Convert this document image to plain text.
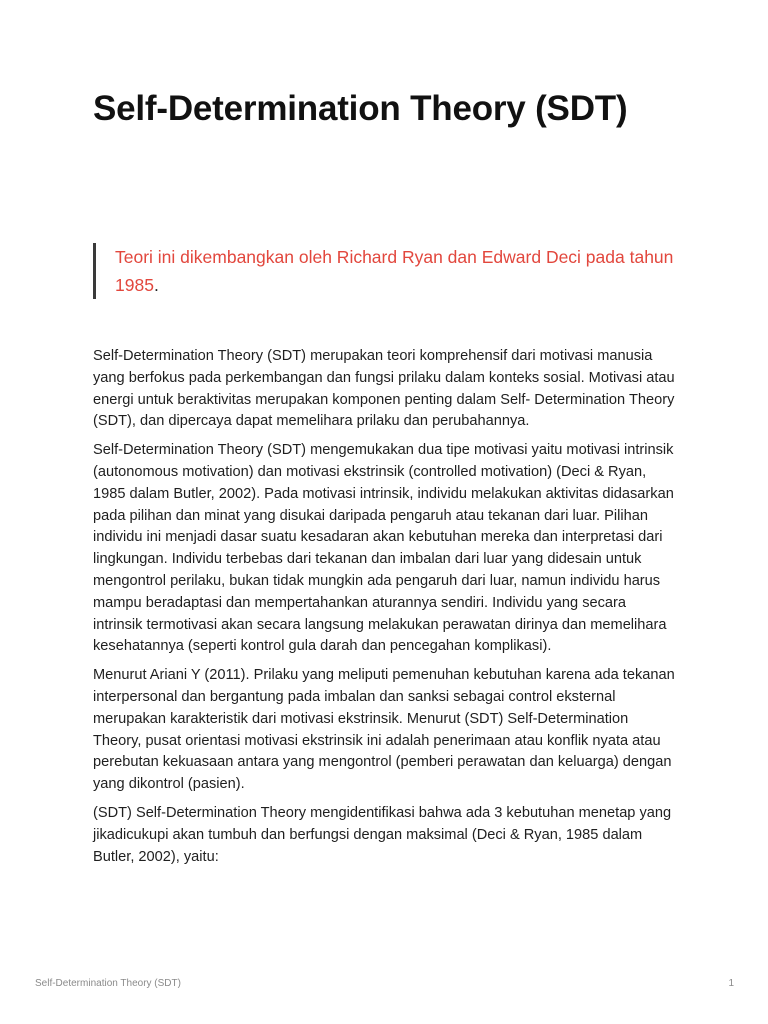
Self-Determination Theory (SDT)
Teori ini dikembangkan oleh Richard Ryan dan Edward Deci pada tahun 1985.

Self-Determination Theory (SDT) merupakan teori komprehensif dari motivasi manusia yang berfokus pada perkembangan dan fungsi prilaku dalam konteks sosial. Motivasi atau energi untuk beraktivitas merupakan komponen penting dalam Self- Determination Theory (SDT), dan dipercaya dapat memelihara prilaku dan perubahannya.

Self-Determination Theory (SDT) mengemukakan dua tipe motivasi yaitu motivasi intrinsik (autonomous motivation) dan motivasi ekstrinsik (controlled motivation) (Deci & Ryan, 1985 dalam Butler, 2002). Pada motivasi intrinsik, individu melakukan aktivitas didasarkan pada pilihan dan minat yang disukai daripada pengaruh atau tekanan dari luar. Pilihan individu ini menjadi dasar suatu kesadaran akan kebutuhan mereka dan interpretasi dari lingkungan. Individu terbebas dari tekanan dan imbalan dari luar yang didesain untuk mengontrol perilaku, bukan tidak mungkin ada pengaruh dari luar, namun individu harus mampu beradaptasi dan mempertahankan aturannya sendiri. Individu yang secara intrinsik termotivasi akan secara langsung melakukan perawatan dirinya dan memelihara kesehatannya (seperti kontrol gula darah dan pencegahan komplikasi).

Menurut Ariani Y (2011). Prilaku yang meliputi pemenuhan kebutuhan karena ada tekanan interpersonal dan bergantung pada imbalan dan sanksi sebagai control eksternal merupakan karakteristik dari motivasi ekstrinsik. Menurut (SDT) Self-Determination Theory, pusat orientasi motivasi ekstrinsik ini adalah penerimaan atau konflik nyata atau perebutan kekuasaan antara yang mengontrol (pemberi perawatan dan keluarga) dengan yang dikontrol (pasien).

(SDT) Self-Determination Theory mengidentifikasi bahwa ada 3 kebutuhan menetap yang jikadicukupi akan tumbuh dan berfungsi dengan maksimal (Deci & Ryan, 1985 dalam Butler, 2002), yaitu:

Self-Determination Theory (SDT)	1
